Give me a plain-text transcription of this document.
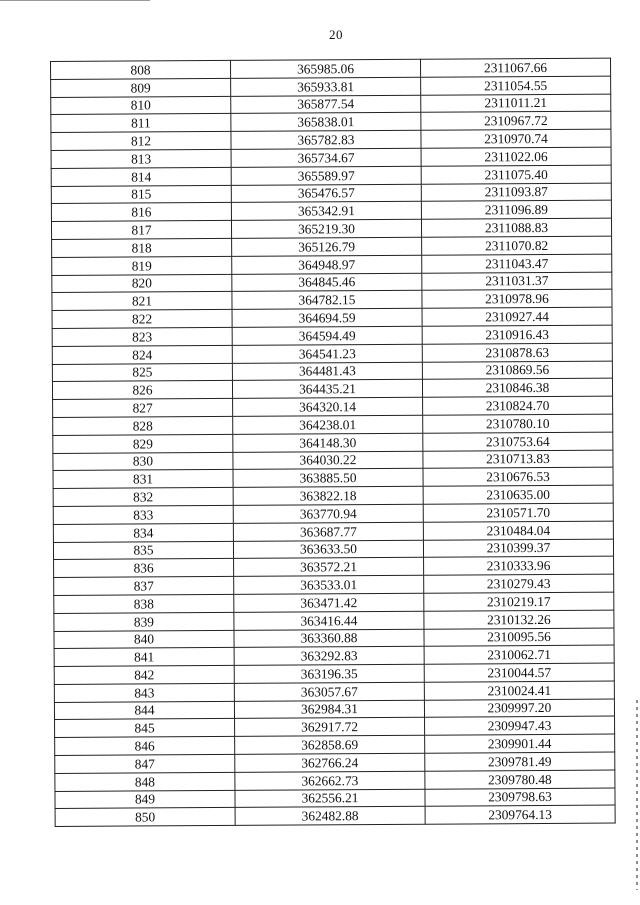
20
808	365985.06	2311067.66
809	365933.81	2311054.55
810	365877.54	2311011.21
811	365838.01	2310967.72
812	365782.83	2310970.74
813	365734.67	2311022.06
814	365589.97	2311075.40
815	365476.57	2311093.87
816	365342.91	2311096.89
817	365219.30	2311088.83
818	365126.79	2311070.82
819	364948.97	2311043.47
820	364845.46	2311031.37
821	364782.15	2310978.96
822	364694.59	2310927.44
823	364594.49	2310916.43
824	364541.23	2310878.63
825	364481.43	2310869.56
826	364435.21	2310846.38
827	364320.14	2310824.70
828	364238.01	2310780.10
829	364148.30	2310753.64
830	364030.22	2310713.83
831	363885.50	2310676.53
832	363822.18	2310635.00
833	363770.94	2310571.70
834	363687.77	2310484.04
835	363633.50	2310399.37
836	363572.21	2310333.96
837	363533.01	2310279.43
838	363471.42	2310219.17
839	363416.44	2310132.26
840	363360.88	2310095.56
841	363292.83	2310062.71
842	363196.35	2310044.57
843	363057.67	2310024.41
844	362984.31	2309997.20
845	362917.72	2309947.43
846	362858.69	2309901.44
847	362766.24	2309781.49
848	362662.73	2309780.48
849	362556.21	2309798.63
850	362482.88	2309764.13
